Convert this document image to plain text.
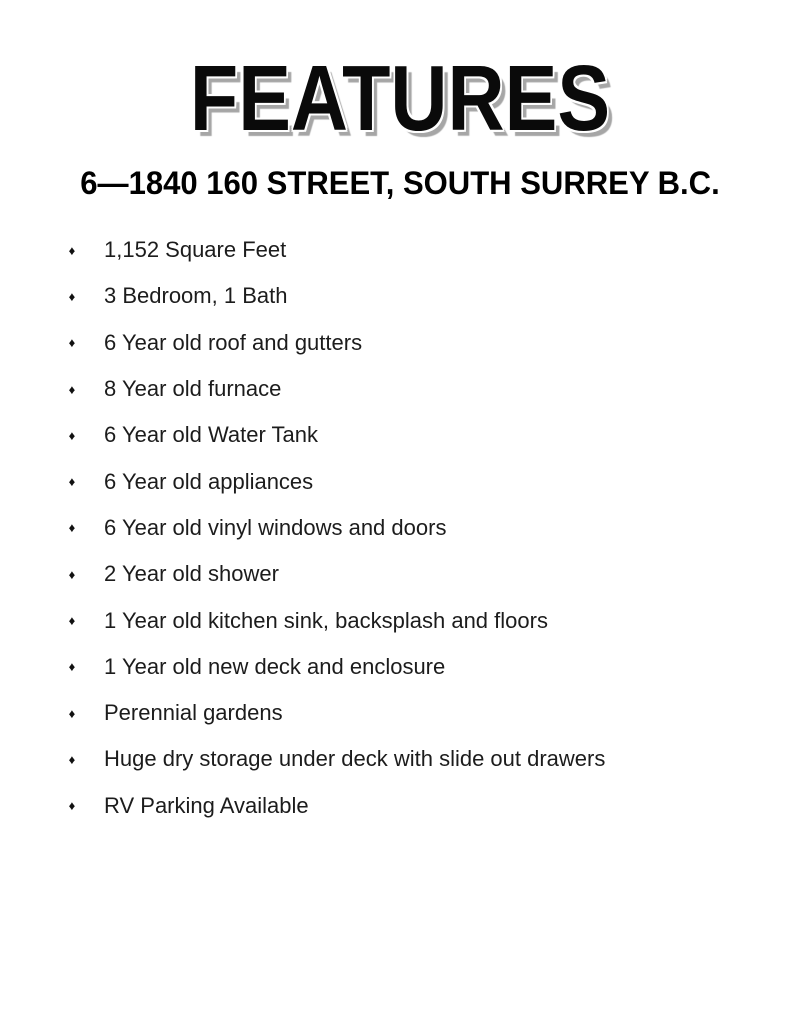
FEATURES
6—1840 160 STREET, SOUTH SURREY B.C.
♦ 1,152 Square Feet
♦ 3 Bedroom, 1 Bath
♦ 6 Year old roof and gutters
♦ 8 Year old furnace
♦ 6 Year old Water Tank
♦ 6 Year old appliances
♦ 6 Year old vinyl windows and doors
♦ 2 Year old shower
♦ 1 Year old kitchen sink, backsplash and floors
♦ 1 Year old new deck and enclosure
♦ Perennial gardens
♦ Huge dry storage under deck with slide out drawers
♦ RV Parking Available
